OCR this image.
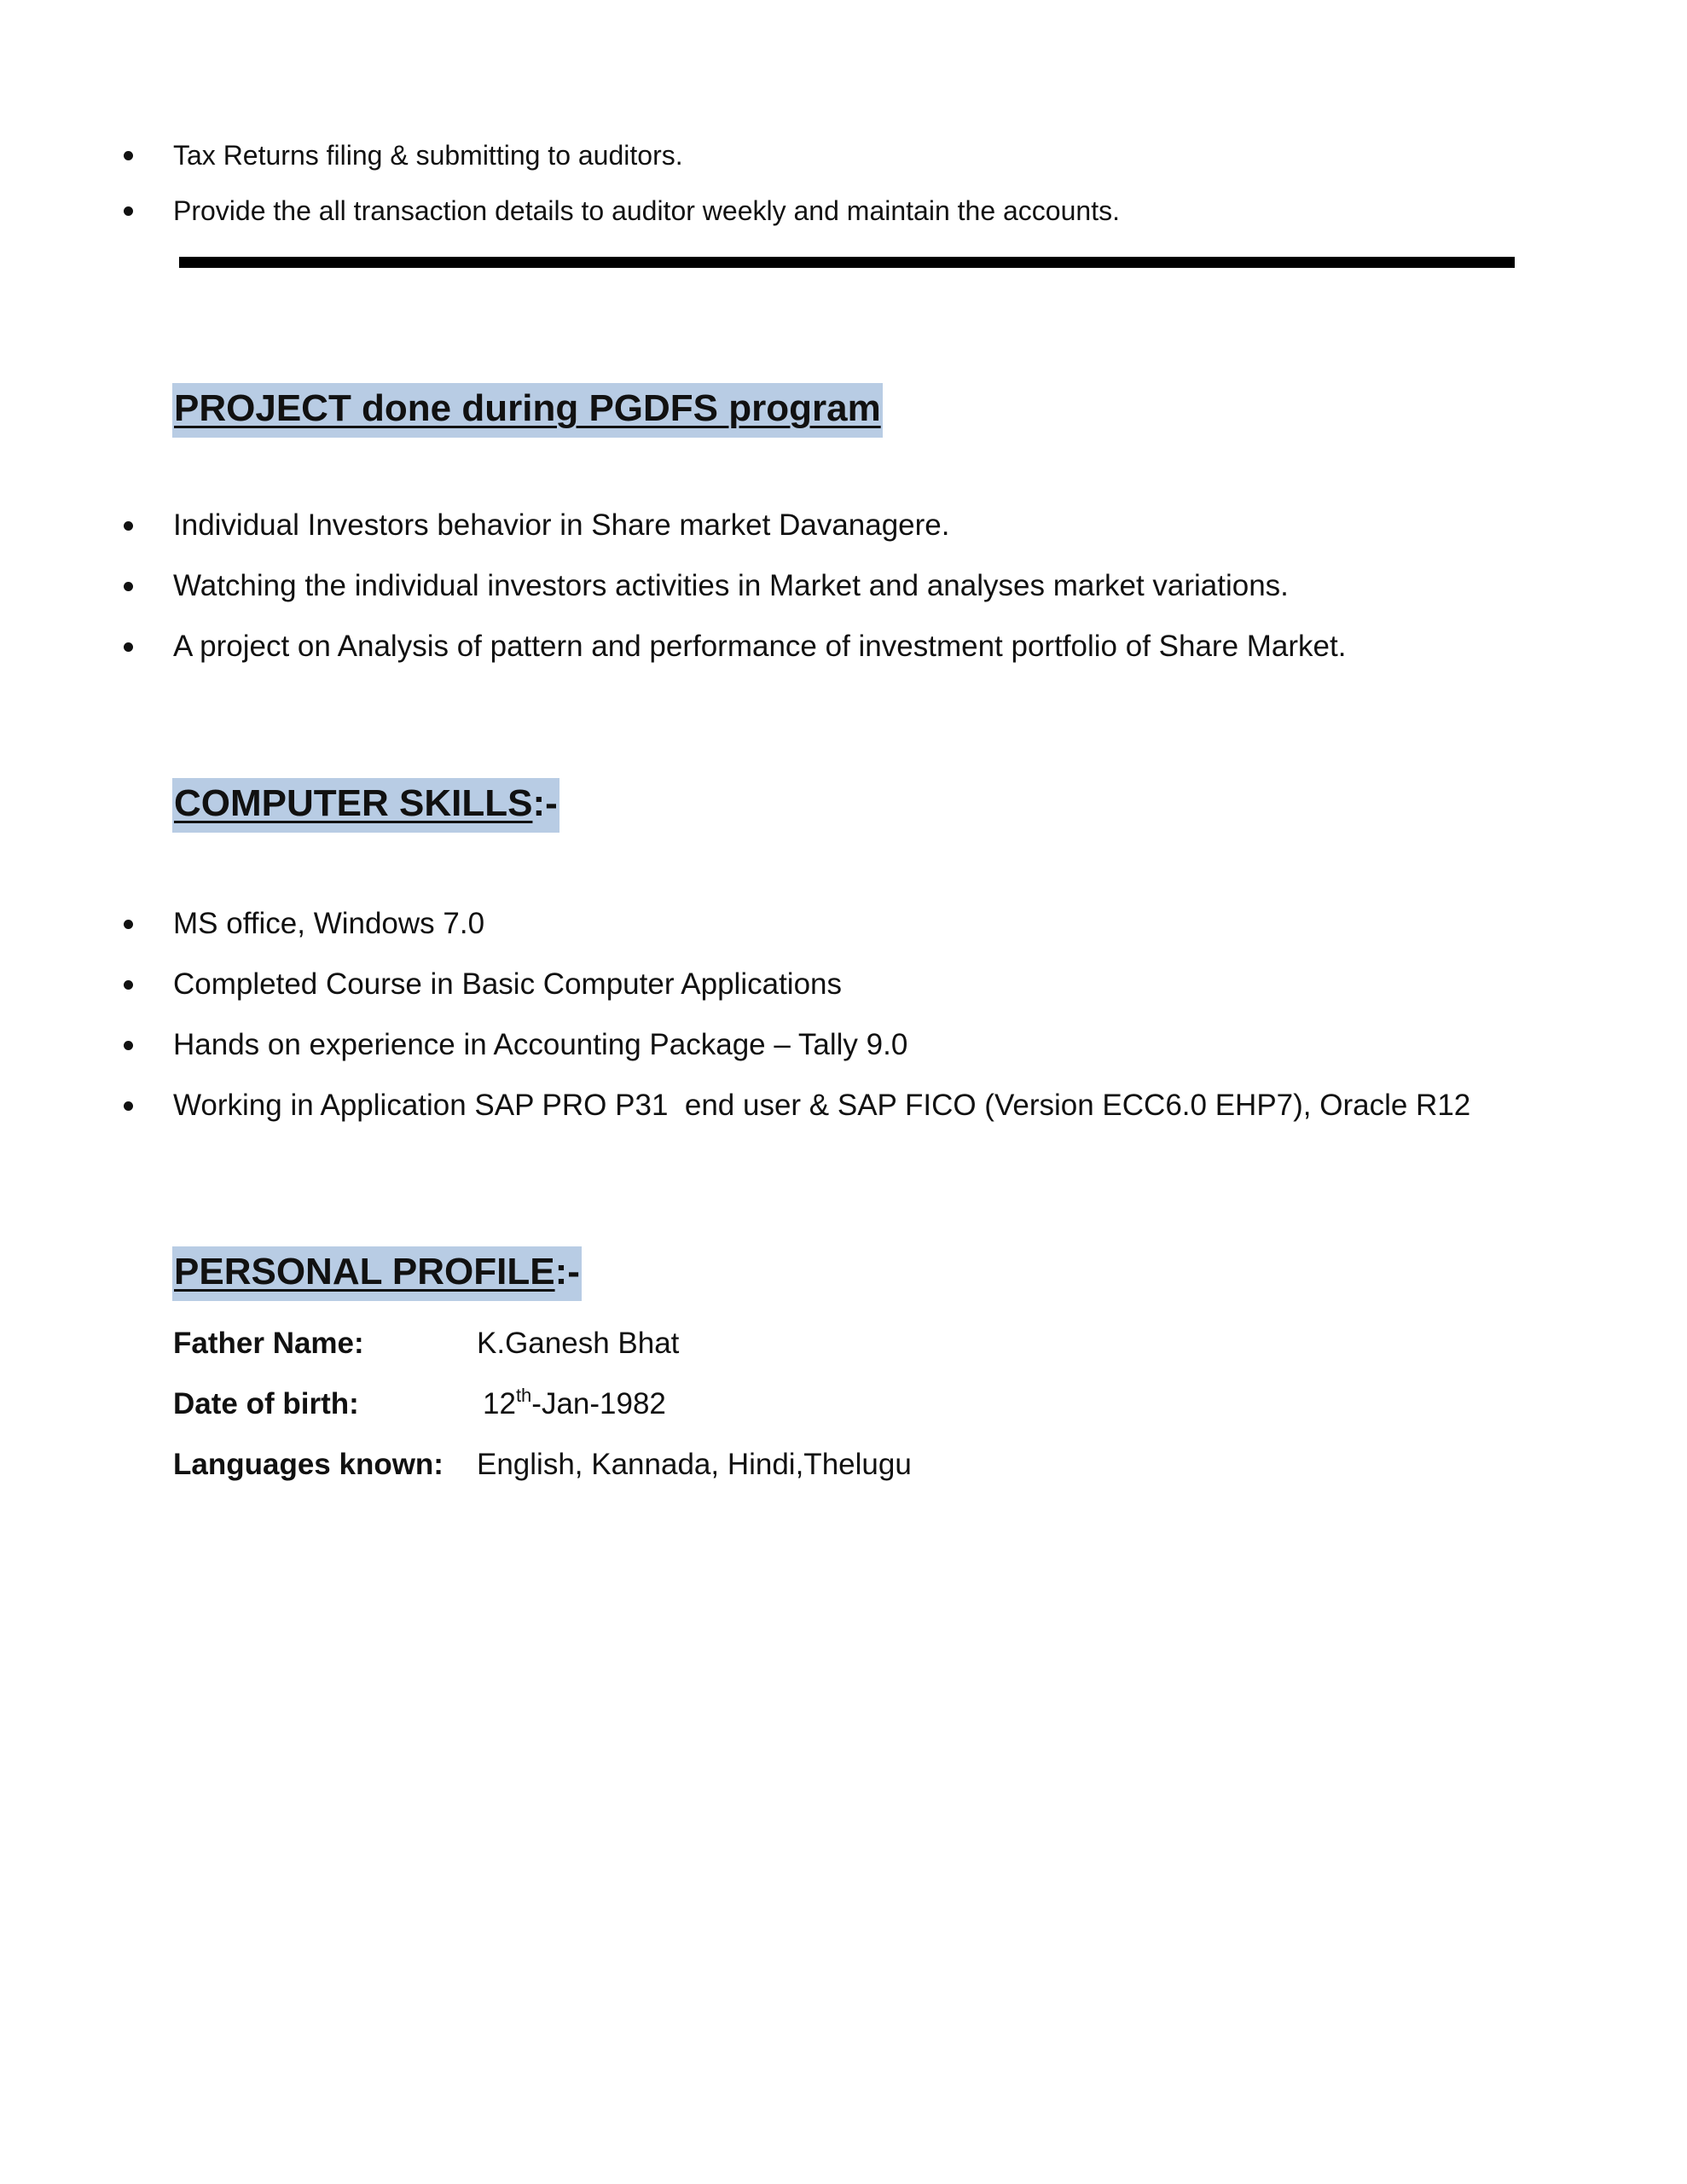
Tax Returns filing & submitting to auditors.
Provide the all transaction details to auditor weekly and maintain the accounts.
PROJECT done during PGDFS program
Individual Investors behavior in Share market Davanagere.
Watching the individual investors activities in Market and analyses market variations.
A project on Analysis of pattern and performance of investment portfolio of Share Market.
COMPUTER SKILLS:-
MS office, Windows 7.0
Completed Course in Basic Computer Applications
Hands on experience in Accounting Package – Tally 9.0
Working in Application SAP PRO P31  end user & SAP FICO (Version ECC6.0 EHP7), Oracle R12
PERSONAL PROFILE:-
Father Name:	K.Ganesh Bhat
Date of birth:	12th-Jan-1982
Languages known:	English, Kannada, Hindi,Thelugu
